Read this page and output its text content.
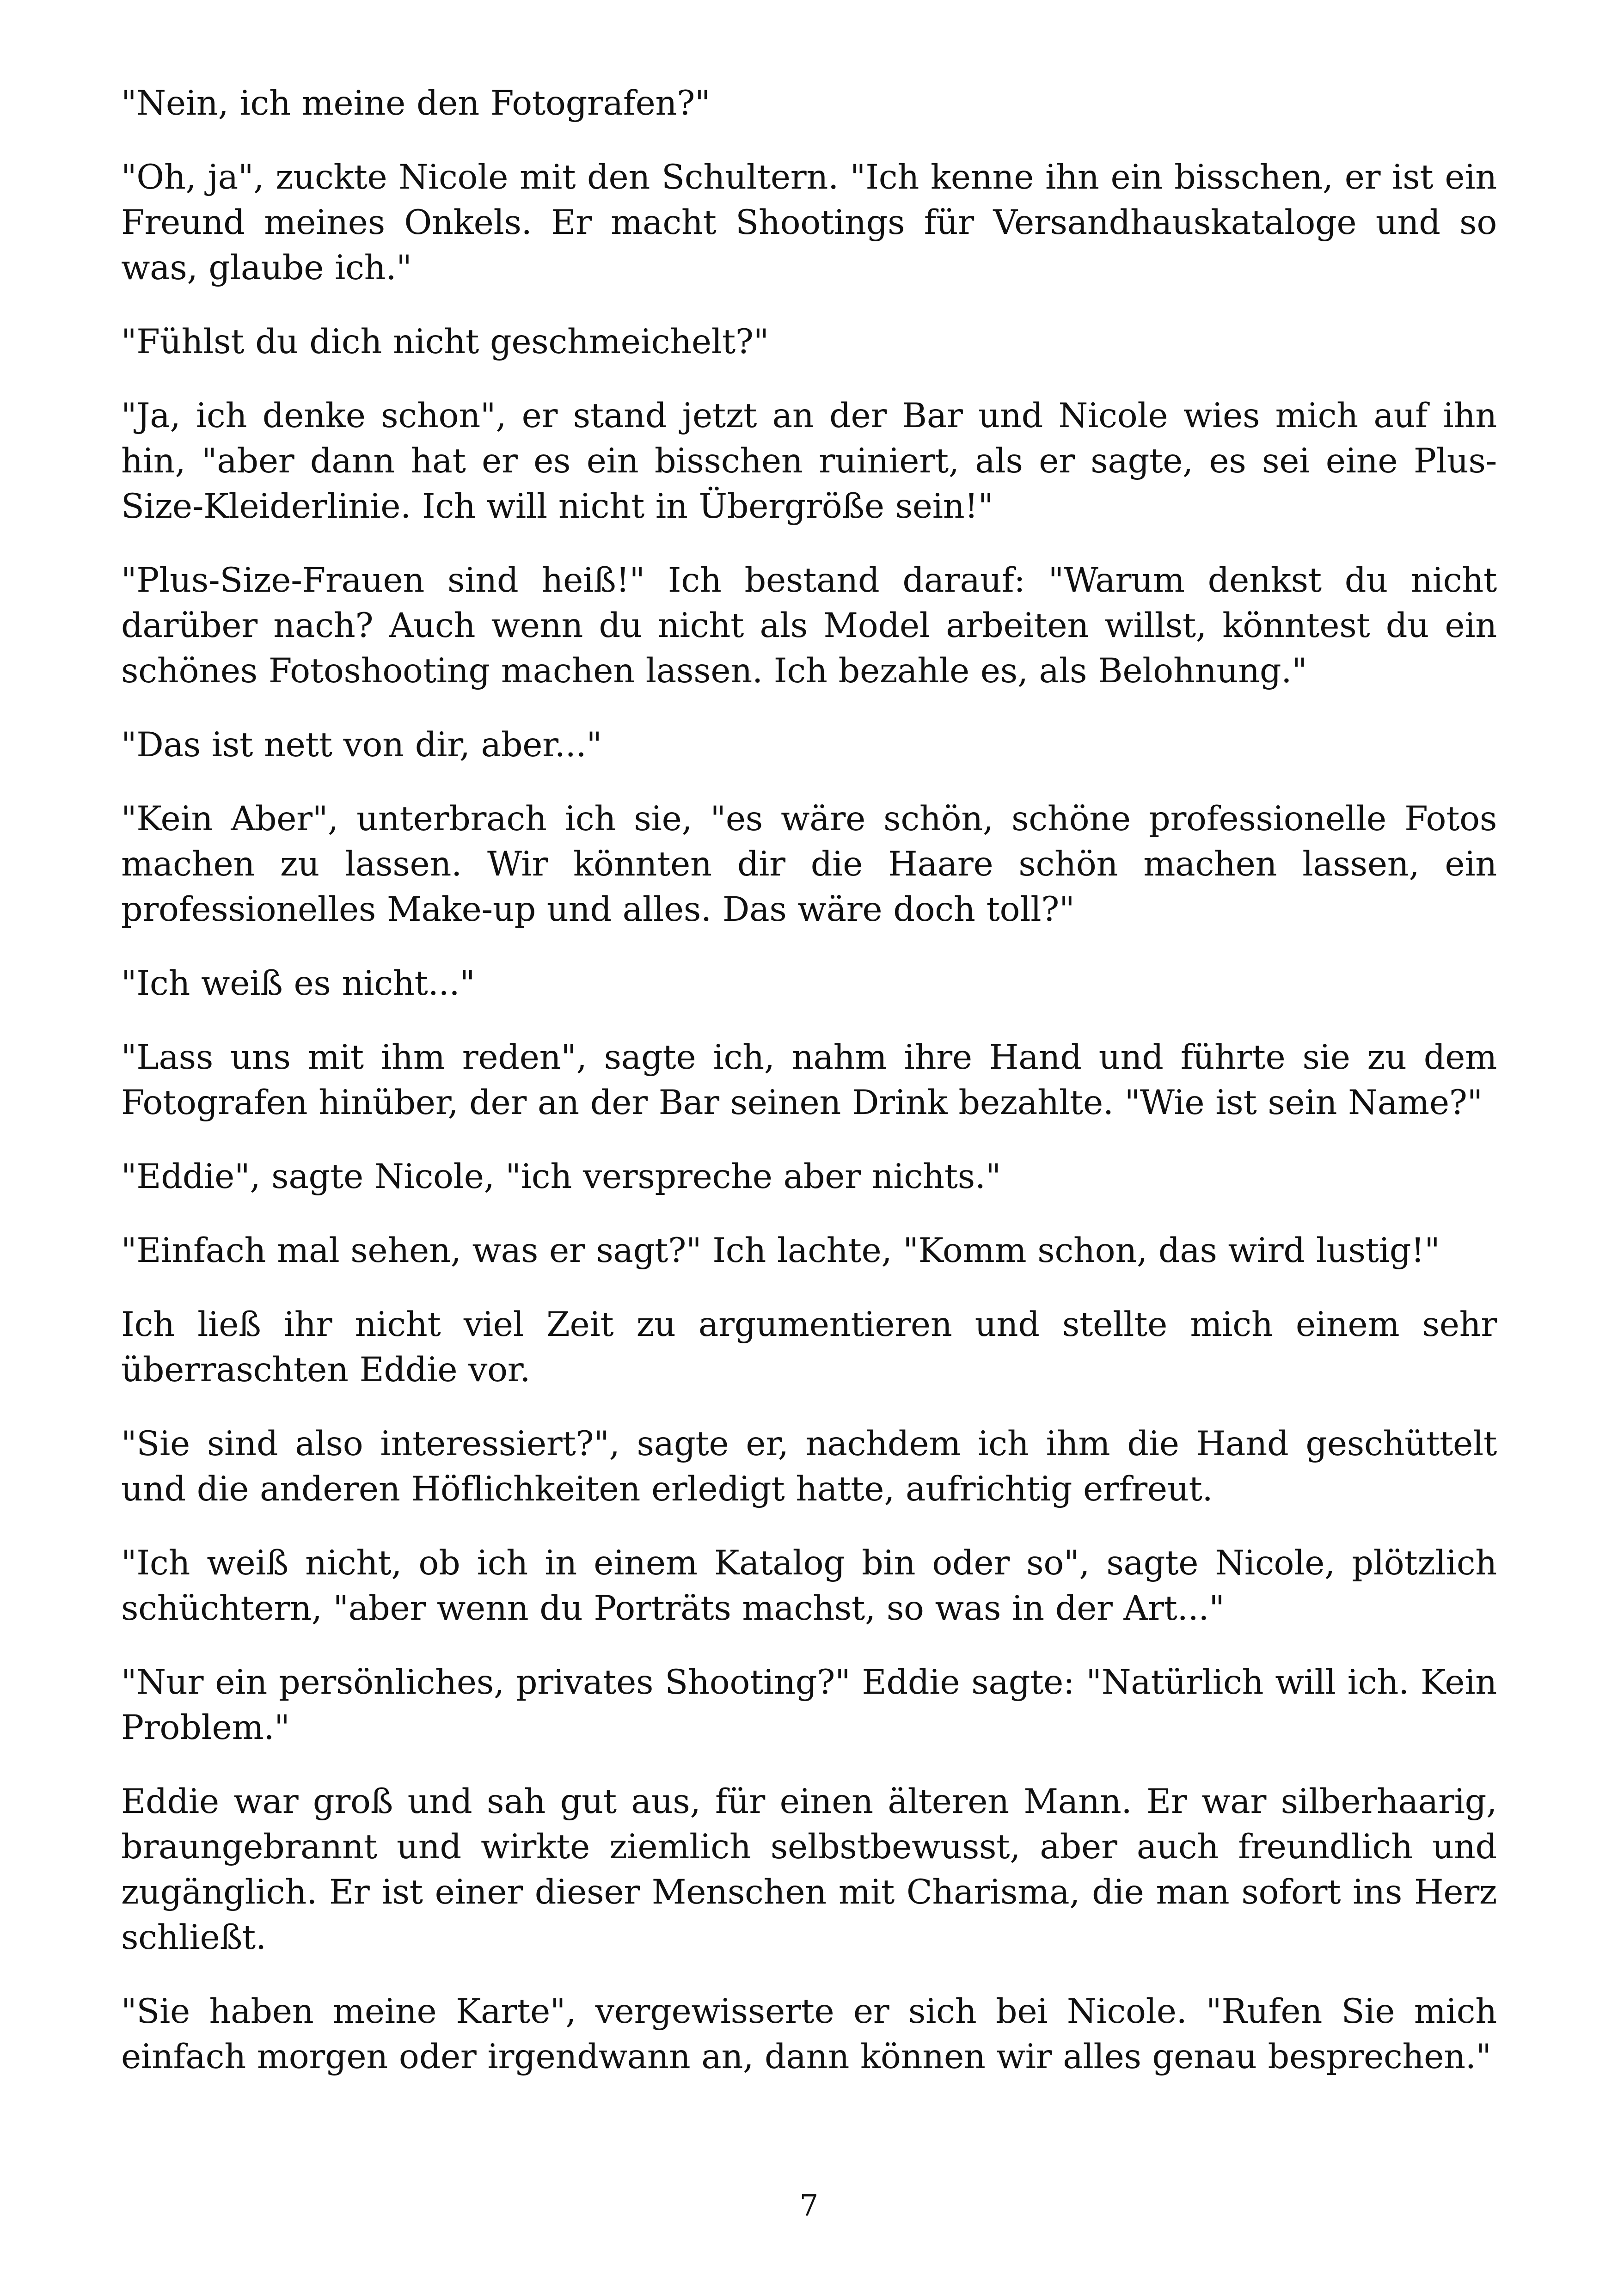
"Nein, ich meine den Fotografen?"

"Oh, ja", zuckte Nicole mit den Schultern. "Ich kenne ihn ein bisschen, er ist ein Freund meines Onkels. Er macht Shootings für Versandhauskataloge und so was, glaube ich."

"Fühlst du dich nicht geschmeichelt?"

"Ja, ich denke schon", er stand jetzt an der Bar und Nicole wies mich auf ihn hin, "aber dann hat er es ein bisschen ruiniert, als er sagte, es sei eine Plus-Size-Kleiderlinie. Ich will nicht in Übergröße sein!"

"Plus-Size-Frauen sind heiß!" Ich bestand darauf: "Warum denkst du nicht darüber nach? Auch wenn du nicht als Model arbeiten willst, könntest du ein schönes Fotoshooting machen lassen. Ich bezahle es, als Belohnung."

"Das ist nett von dir, aber..."

"Kein Aber", unterbrach ich sie, "es wäre schön, schöne professionelle Fotos machen zu lassen. Wir könnten dir die Haare schön machen lassen, ein professionelles Make-up und alles. Das wäre doch toll?"

"Ich weiß es nicht..."

"Lass uns mit ihm reden", sagte ich, nahm ihre Hand und führte sie zu dem Fotografen hinüber, der an der Bar seinen Drink bezahlte. "Wie ist sein Name?"

"Eddie", sagte Nicole, "ich verspreche aber nichts."

"Einfach mal sehen, was er sagt?" Ich lachte, "Komm schon, das wird lustig!"

Ich ließ ihr nicht viel Zeit zu argumentieren und stellte mich einem sehr überraschten Eddie vor.

"Sie sind also interessiert?", sagte er, nachdem ich ihm die Hand geschüttelt und die anderen Höflichkeiten erledigt hatte, aufrichtig erfreut.

"Ich weiß nicht, ob ich in einem Katalog bin oder so", sagte Nicole, plötzlich schüchtern, "aber wenn du Porträts machst, so was in der Art..."

"Nur ein persönliches, privates Shooting?" Eddie sagte: "Natürlich will ich. Kein Problem."

Eddie war groß und sah gut aus, für einen älteren Mann. Er war silberhaarig, braungebrannt und wirkte ziemlich selbstbewusst, aber auch freundlich und zugänglich. Er ist einer dieser Menschen mit Charisma, die man sofort ins Herz schließt.

"Sie haben meine Karte", vergewisserte er sich bei Nicole. "Rufen Sie mich einfach morgen oder irgendwann an, dann können wir alles genau besprechen."

7
